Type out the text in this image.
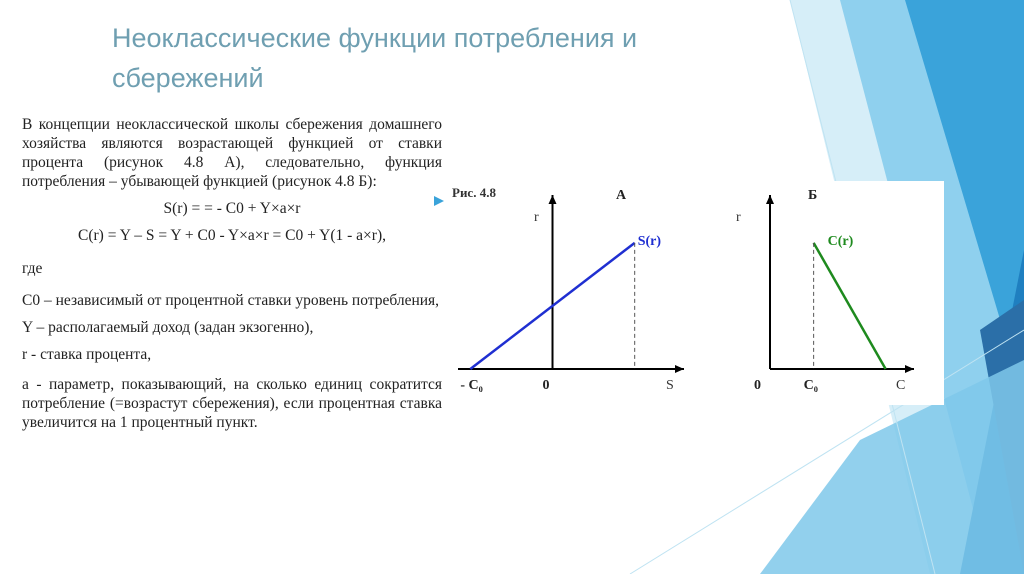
Неоклассические функции потребления и сбережений

В концепции неоклассической школы сбережения домашнего хозяйства являются возрастающей функцией от ставки процента (рисунок 4.8 А), следовательно, функция потребления – убывающей функцией (рисунок 4.8 Б):

S(r) = = - C0 + Y×a×r

C(r) = Y – S = Y + C0 - Y×a×r = C0 + Y(1 - a×r),

где

C0 – независимый от процентной ставки уровень потребления,

Y – располагаемый доход (задан экзогенно),

r - ставка процента,

а - параметр, показывающий, на сколько единиц сократится потребление (=возрастут сбережения), если процентная ставка увеличится на 1 процентный пункт.

Рис. 4.8	А
r
S
S(r)
- C₀	0
Б
r
C
C(r)
0	C₀
